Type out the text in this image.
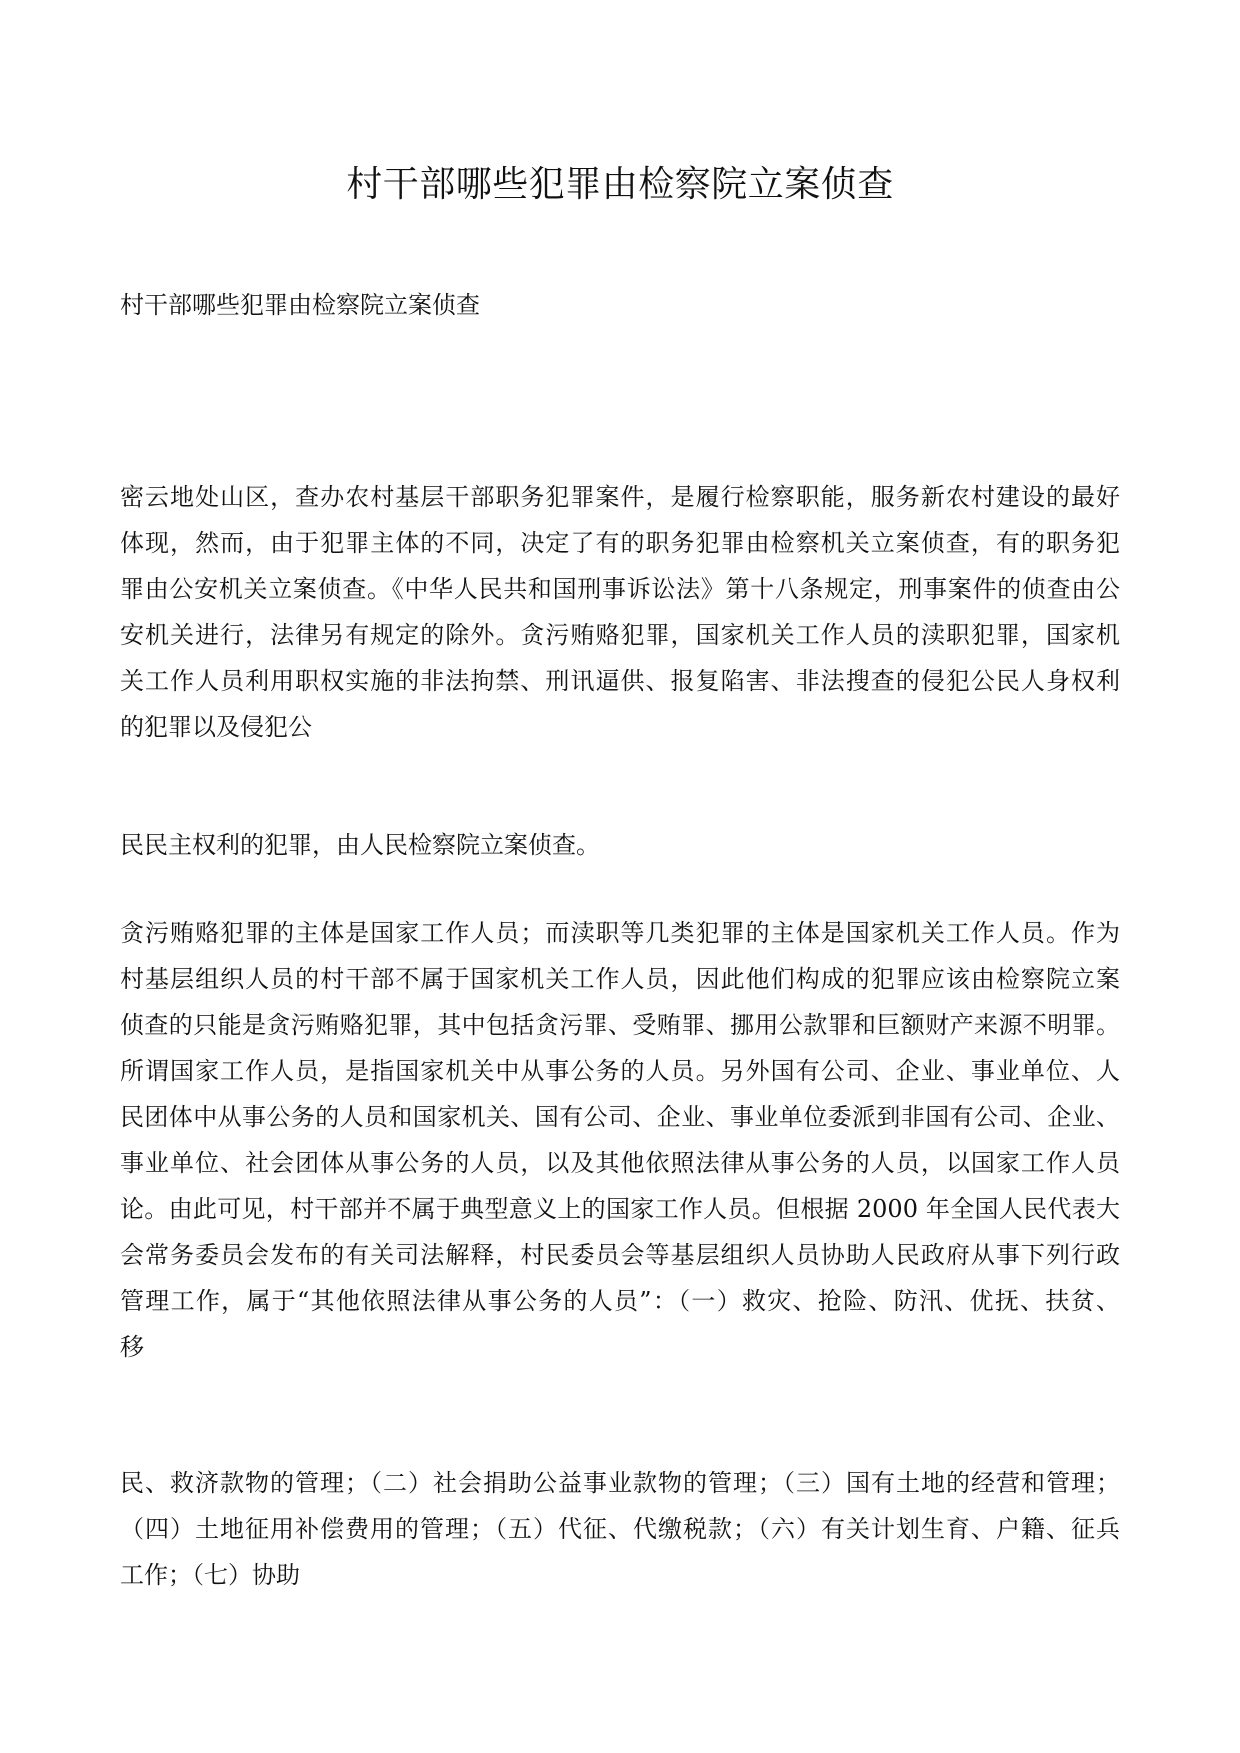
村干部哪些犯罪由检察院立案侦查

村干部哪些犯罪由检察院立案侦查

密云地处山区，查办农村基层干部职务犯罪案件，是履行检察职能，服务新农村建设的最好
体现，然而，由于犯罪主体的不同，决定了有的职务犯罪由检察机关立案侦查，有的职务犯
罪由公安机关立案侦查。《中华人民共和国刑事诉讼法》第十八条规定，刑事案件的侦查由公
安机关进行，法律另有规定的除外。贪污贿赂犯罪，国家机关工作人员的渎职犯罪，国家机
关工作人员利用职权实施的非法拘禁、刑讯逼供、报复陷害、非法搜查的侵犯公民人身权利
的犯罪以及侵犯公
民民主权利的犯罪，由人民检察院立案侦查。
贪污贿赂犯罪的主体是国家工作人员；而渎职等几类犯罪的主体是国家机关工作人员。作为
村基层组织人员的村干部不属于国家机关工作人员，因此他们构成的犯罪应该由检察院立案
侦查的只能是贪污贿赂犯罪，其中包括贪污罪、受贿罪、挪用公款罪和巨额财产来源不明罪。
所谓国家工作人员，是指国家机关中从事公务的人员。另外国有公司、企业、事业单位、人
民团体中从事公务的人员和国家机关、国有公司、企业、事业单位委派到非国有公司、企业、
事业单位、社会团体从事公务的人员，以及其他依照法律从事公务的人员，以国家工作人员
论。由此可见，村干部并不属于典型意义上的国家工作人员。但根据 2000 年全国人民代表大
会常务委员会发布的有关司法解释，村民委员会等基层组织人员协助人民政府从事下列行政
管理工作，属于“其他依照法律从事公务的人员”：（一）救灾、抢险、防汛、优抚、扶贫、
移
民、救济款物的管理；（二）社会捐助公益事业款物的管理；（三）国有土地的经营和管理；
（四）土地征用补偿费用的管理；（五）代征、代缴税款；（六）有关计划生育、户籍、征兵
工作；（七）协助
